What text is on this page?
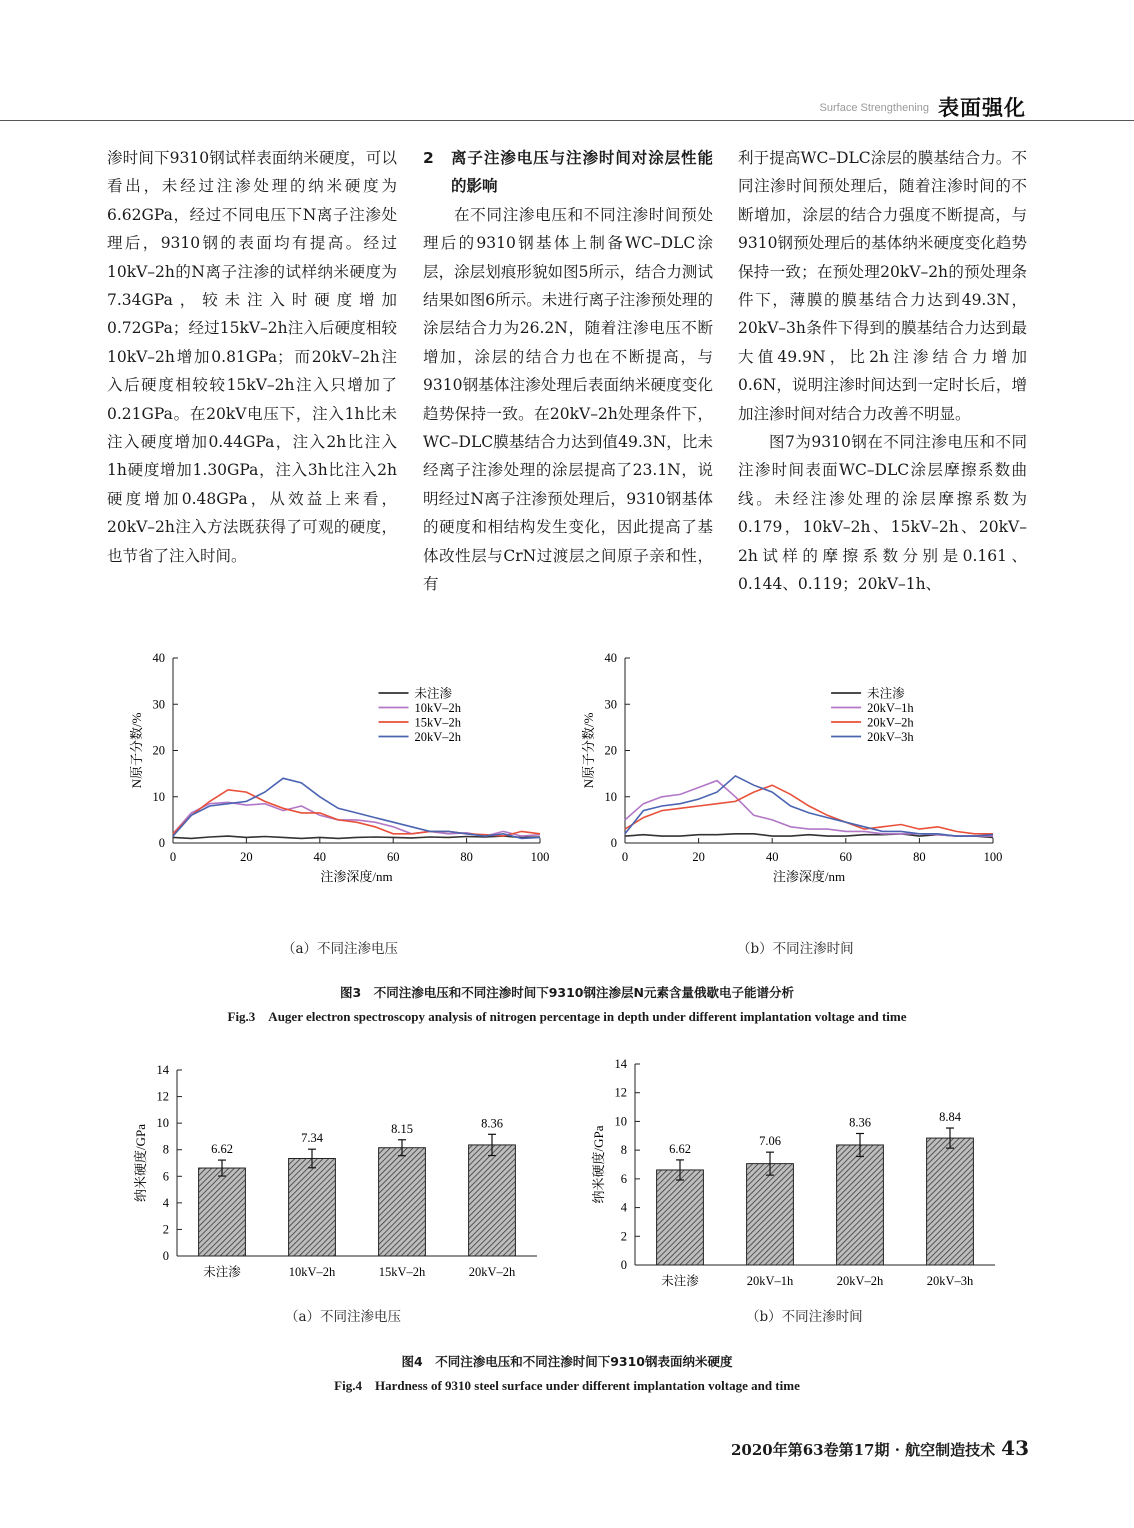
Surface Strengthening 表面强化

渗时间下9310钢试样表面纳米硬度，可以看出，未经过注渗处理的纳米硬度为6.62GPa，经过不同电压下N离子注渗处理后，9310钢的表面均有提高。经过10kV–2h的N离子注渗的试样纳米硬度为7.34GPa，较未注入时硬度增加0.72GPa；经过15kV–2h注入后硬度相较10kV–2h增加0.81GPa；而20kV–2h注入后硬度相较较15kV–2h注入只增加了0.21GPa。在20kV电压下，注入1h比未注入硬度增加0.44GPa，注入2h比注入1h硬度增加1.30GPa，注入3h比注入2h硬度增加0.48GPa，从效益上来看，20kV–2h注入方法既获得了可观的硬度，也节省了注入时间。

2	离子注渗电压与注渗时间对涂层性能的影响

在不同注渗电压和不同注渗时间预处理后的9310钢基体上制备WC–DLC涂层，涂层划痕形貌如图5所示，结合力测试结果如图6所示。未进行离子注渗预处理的涂层结合力为26.2N，随着注渗电压不断增加，涂层的结合力也在不断提高，与9310钢基体注渗处理后表面纳米硬度变化趋势保持一致。在20kV–2h处理条件下，WC–DLC膜基结合力达到值49.3N，比未经离子注渗处理的涂层提高了23.1N，说明经过N离子注渗预处理后，9310钢基体的硬度和相结构发生变化，因此提高了基体改性层与CrN过渡层之间原子亲和性，有

利于提高WC–DLC涂层的膜基结合力。不同注渗时间预处理后，随着注渗时间的不断增加，涂层的结合力强度不断提高，与9310钢预处理后的基体纳米硬度变化趋势保持一致；在预处理20kV–2h的预处理条件下，薄膜的膜基结合力达到49.3N，20kV–3h条件下得到的膜基结合力达到最大值49.9N，比2h注渗结合力增加0.6N，说明注渗时间达到一定时长后，增加注渗时间对结合力改善不明显。

图7为9310钢在不同注渗电压和不同注渗时间表面WC–DLC涂层摩擦系数曲线。未经注渗处理的涂层摩擦系数为0.179，10kV–2h、15kV–2h、20kV–2h试样的摩擦系数分别是0.161、0.144、0.119；20kV–1h、

0
10
20
30
40
0	20	40	60	80	100
注渗深度/nm
N原子分数/%
未注渗
10kV–2h
15kV–2h
20kV–2h
0
10
20
30
40
0	20	40	60	80	100
注渗深度/nm
N原子分数/%
未注渗
20kV–1h
20kV–2h
20kV–3h
（a）不同注渗电压	（b）不同注渗时间
图3　不同注渗电压和不同注渗时间下9310钢注渗层N元素含量俄歇电子能谱分析
Fig.3　Auger electron spectroscopy analysis of nitrogen percentage in depth under different implantation voltage and time
0
2
4
6
8
10
12
14
纳米硬度/GPa	6.62
未注渗
7.34
10kV–2h
8.15
15kV–2h
8.36
20kV–2h	0
2
4
6
8
10
12
14
纳米硬度/GPa	6.62
未注渗
7.06
20kV–1h
8.36
20kV–2h
8.84
20kV–3h
（a）不同注渗电压	（b）不同注渗时间
图4　不同注渗电压和不同注渗时间下9310钢表面纳米硬度
Fig.4　Hardness of 9310 steel surface under different implantation voltage and time
2020年第63卷第17期 · 航空制造技术 43
